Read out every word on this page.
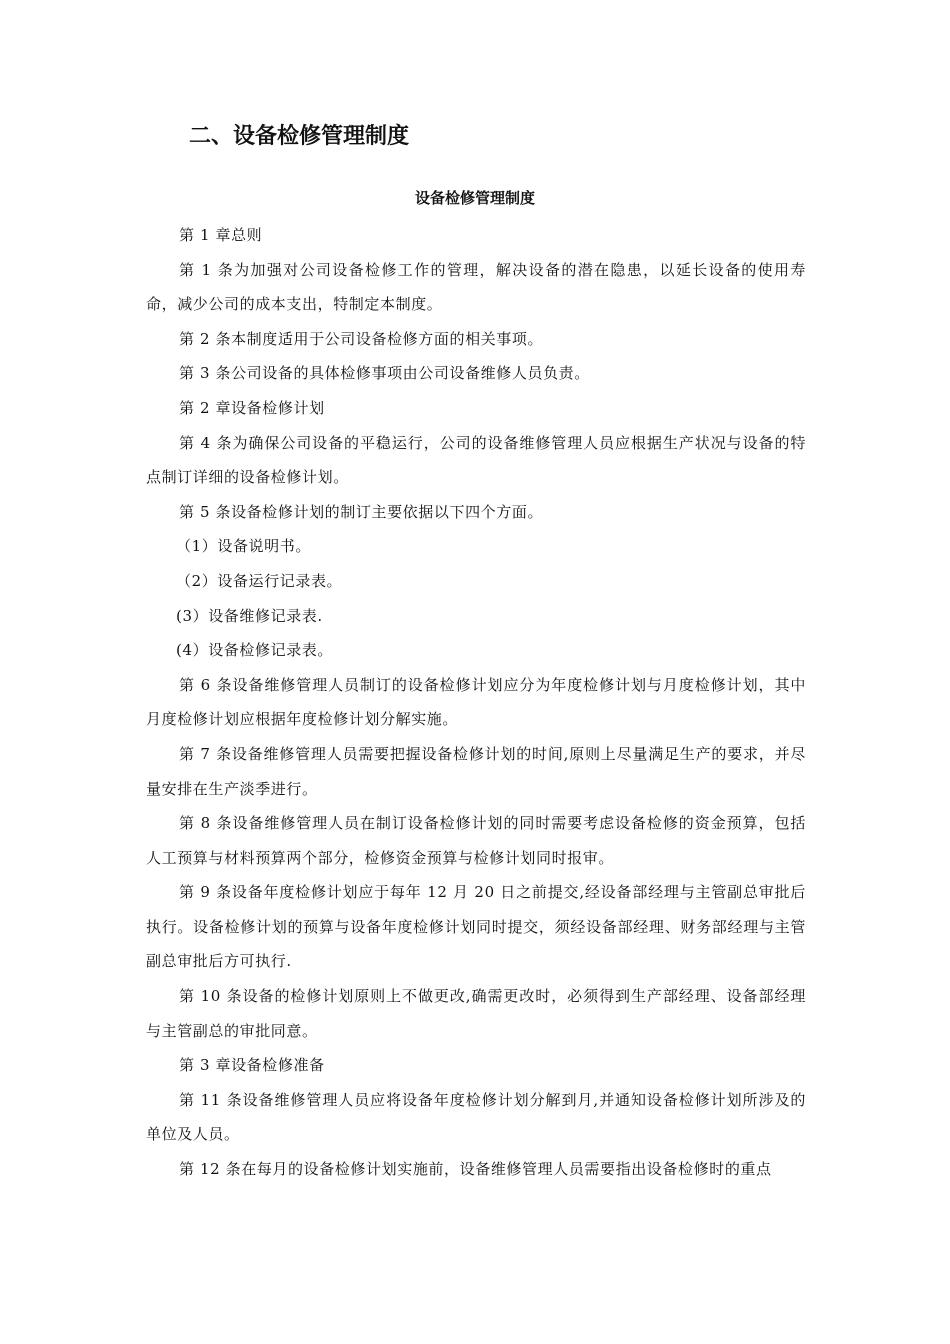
二、设备检修管理制度
设备检修管理制度

第 1 章总则

第 1 条为加强对公司设备检修工作的管理，解决设备的潜在隐患，以延长设备的使用寿命，减少公司的成本支出，特制定本制度。

第 2 条本制度适用于公司设备检修方面的相关事项。

第 3 条公司设备的具体检修事项由公司设备维修人员负责。

第 2 章设备检修计划

第 4 条为确保公司设备的平稳运行，公司的设备维修管理人员应根据生产状况与设备的特点制订详细的设备检修计划。

第 5 条设备检修计划的制订主要依据以下四个方面。

（1）设备说明书。

（2）设备运行记录表。

(3）设备维修记录表.

(4）设备检修记录表。

第 6 条设备维修管理人员制订的设备检修计划应分为年度检修计划与月度检修计划，其中月度检修计划应根据年度检修计划分解实施。

第 7 条设备维修管理人员需要把握设备检修计划的时间,原则上尽量满足生产的要求，并尽量安排在生产淡季进行。

第 8 条设备维修管理人员在制订设备检修计划的同时需要考虑设备检修的资金预算，包括人工预算与材料预算两个部分，检修资金预算与检修计划同时报审。

第 9 条设备年度检修计划应于每年 12 月 20 日之前提交,经设备部经理与主管副总审批后执行。设备检修计划的预算与设备年度检修计划同时提交，须经设备部经理、财务部经理与主管副总审批后方可执行.

第 10 条设备的检修计划原则上不做更改,确需更改时，必须得到生产部经理、设备部经理与主管副总的审批同意。

第 3 章设备检修准备

第 11 条设备维修管理人员应将设备年度检修计划分解到月,并通知设备检修计划所涉及的单位及人员。

第 12 条在每月的设备检修计划实施前，设备维修管理人员需要指出设备检修时的重点
